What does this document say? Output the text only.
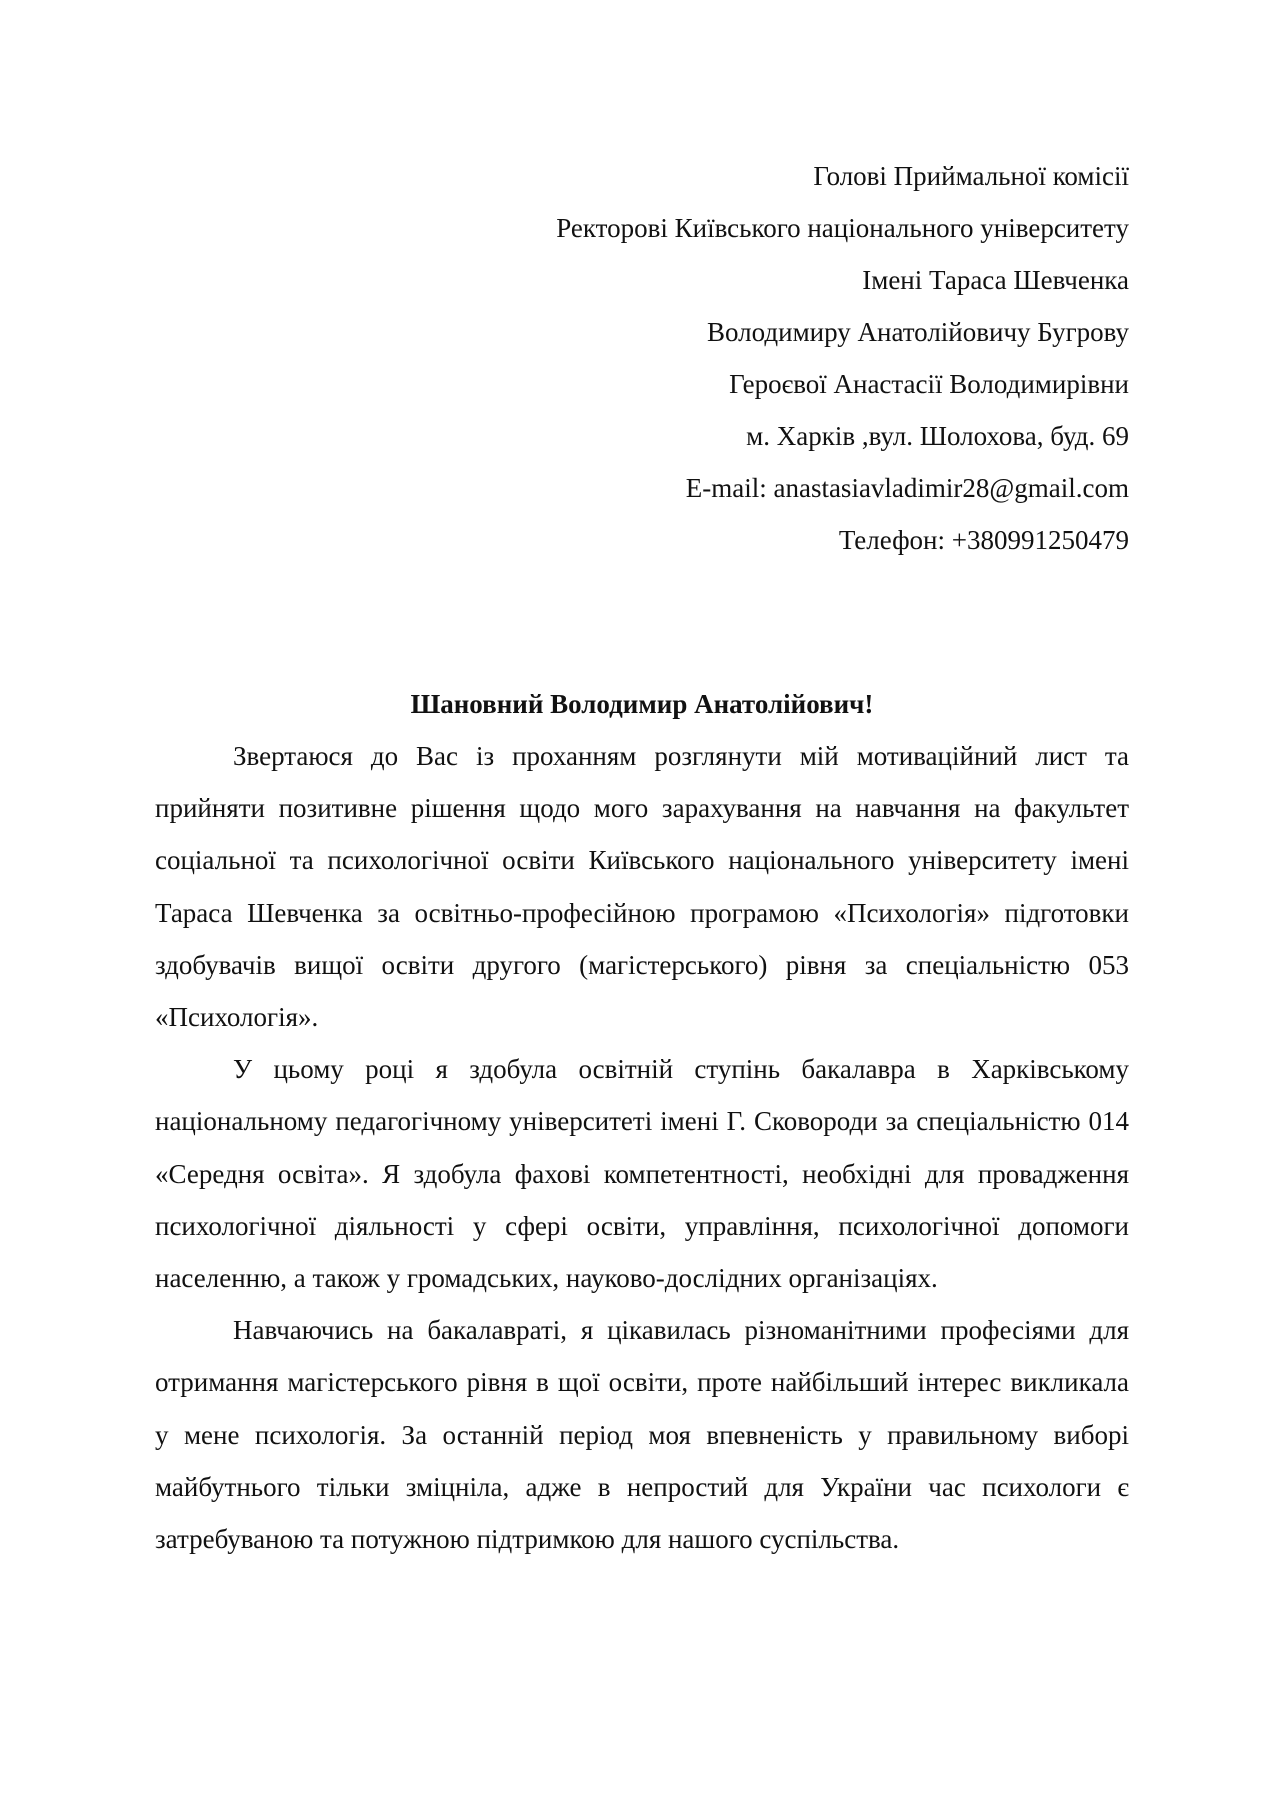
Голові Приймальної комісії
Ректорові Київського національного університету
Імені Тараса Шевченка
Володимиру Анатолійовичу Бугрову
Героєвої Анастасії Володимирівни
м. Харків ,вул. Шолохова, буд. 69
E-mail: anastasiavladimir28@gmail.com
Телефон: +380991250479

Шановний Володимир Анатолійович!

Звертаюся до Вас із проханням розглянути мій мотиваційний лист та прийняти позитивне рішення щодо мого зарахування на навчання на факультет соціальної та психологічної освіти Київського національного університету імені Тараса Шевченка за освітньо-професійною програмою «Психологія» підготовки здобувачів вищої освіти другого (магістерського) рівня за спеціальністю 053 «Психологія».

У цьому році я здобула освітній ступінь бакалавра в Харківському національному педагогічному університеті імені Г. Сковороди за спеціальністю 014 «Середня освіта». Я здобула фахові компетентності, необхідні для провадження психологічної діяльності у сфері освіти, управління, психологічної допомоги населенню, а також у громадських, науково-дослідних організаціях.

Навчаючись на бакалавраті, я цікавилась різноманітними професіями для отримання магістерського рівня в щої освіти, проте найбільший інтерес викликала у мене психологія. За останній період моя впевненість у правильному виборі майбутнього тільки зміцніла, адже в непростий для України час психологи є затребуваною та потужною підтримкою для нашого суспільства.
